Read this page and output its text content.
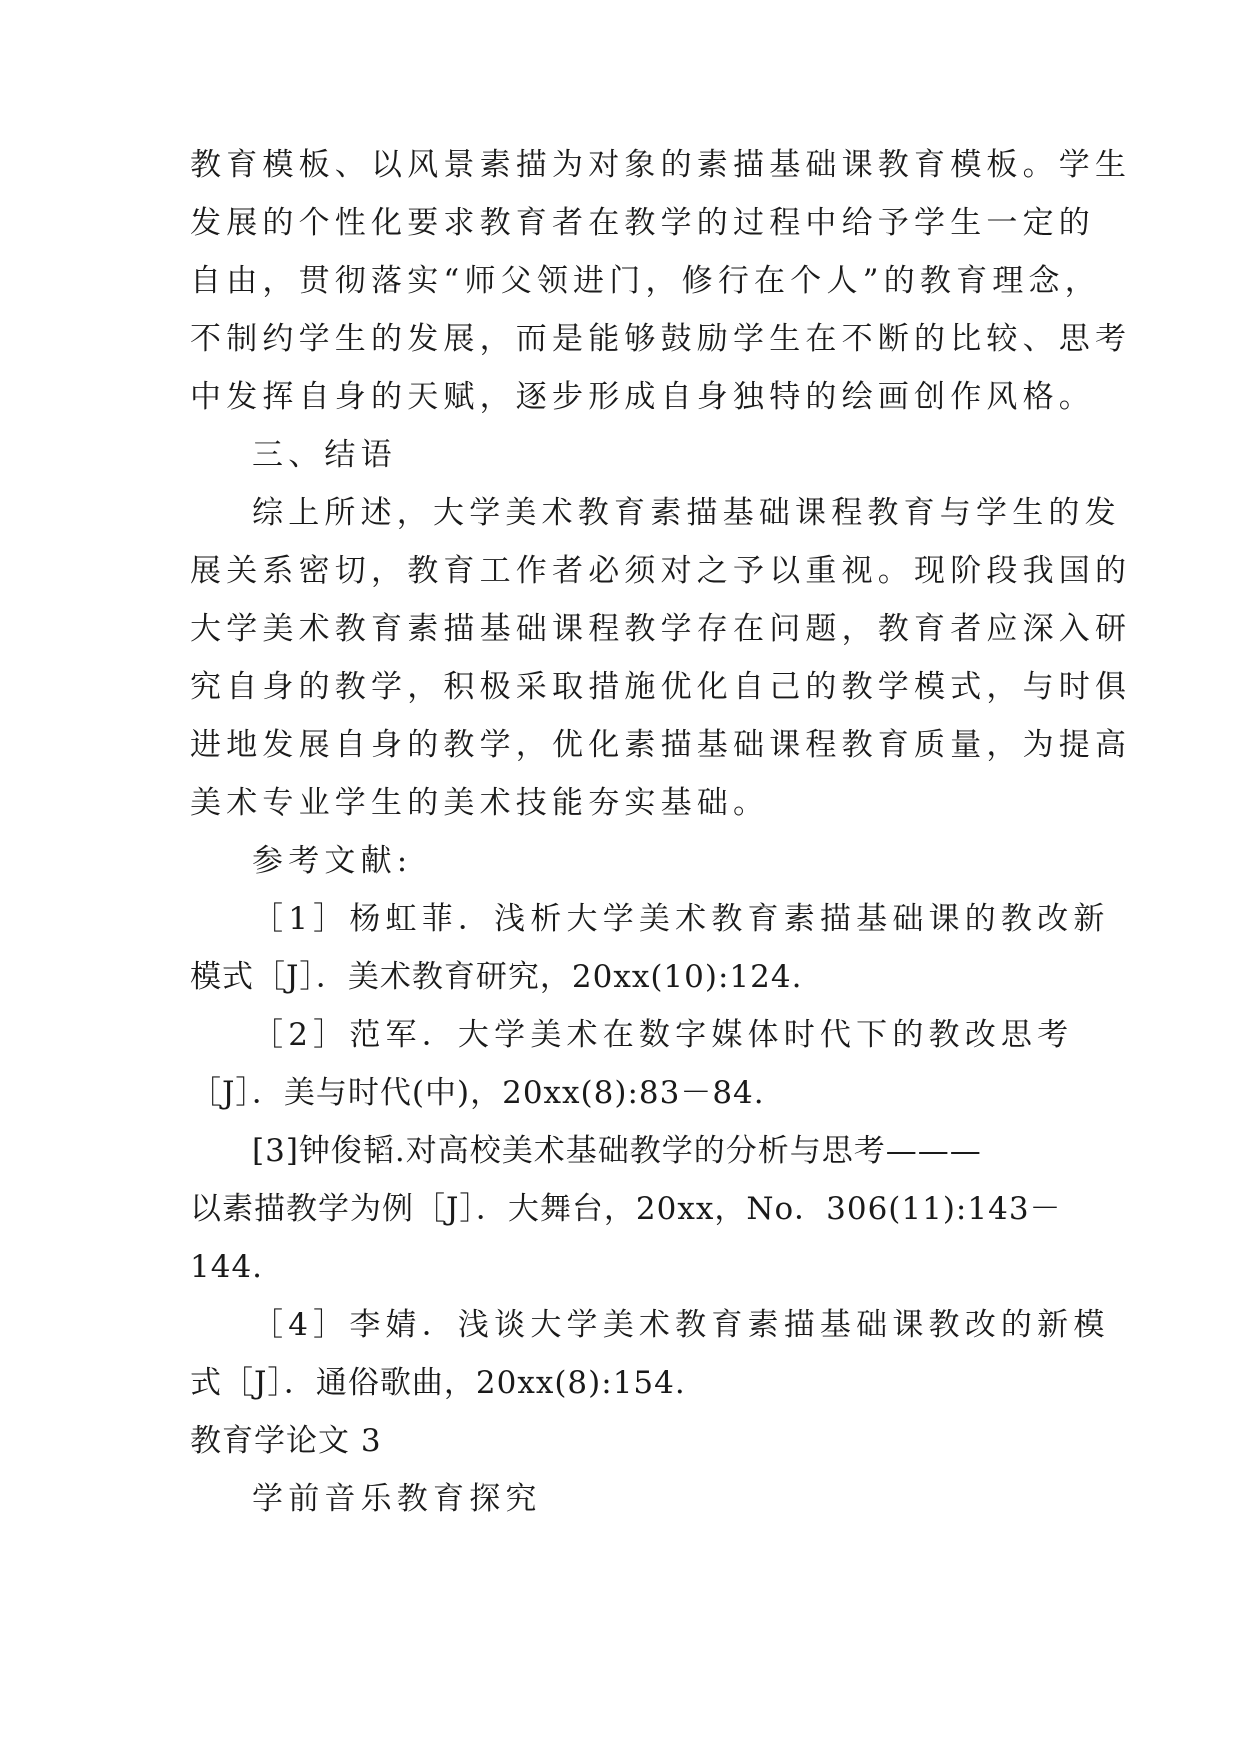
教育模板、以风景素描为对象的素描基础课教育模板。学生
发展的个性化要求教育者在教学的过程中给予学生一定的
自由，贯彻落实“师父领进门，修行在个人”的教育理念，
不制约学生的发展，而是能够鼓励学生在不断的比较、思考
中发挥自身的天赋，逐步形成自身独特的绘画创作风格。
三、结语
综上所述，大学美术教育素描基础课程教育与学生的发
展关系密切，教育工作者必须对之予以重视。现阶段我国的
大学美术教育素描基础课程教学存在问题，教育者应深入研
究自身的教学，积极采取措施优化自己的教学模式，与时俱
进地发展自身的教学，优化素描基础课程教育质量，为提高
美术专业学生的美术技能夯实基础。
参考文献:
［1］杨虹菲．浅析大学美术教育素描基础课的教改新
模式［J］．美术教育研究，20xx(10):124.
［2］范军．大学美术在数字媒体时代下的教改思考
［J］．美与时代(中)，20xx(8):83－84.
[3]钟俊韬.对高校美术基础教学的分析与思考———
以素描教学为例［J］．大舞台，20xx，No．306(11):143－
144.
［4］李婧．浅谈大学美术教育素描基础课教改的新模
式［J］．通俗歌曲，20xx(8):154.
教育学论文 3
学前音乐教育探究
